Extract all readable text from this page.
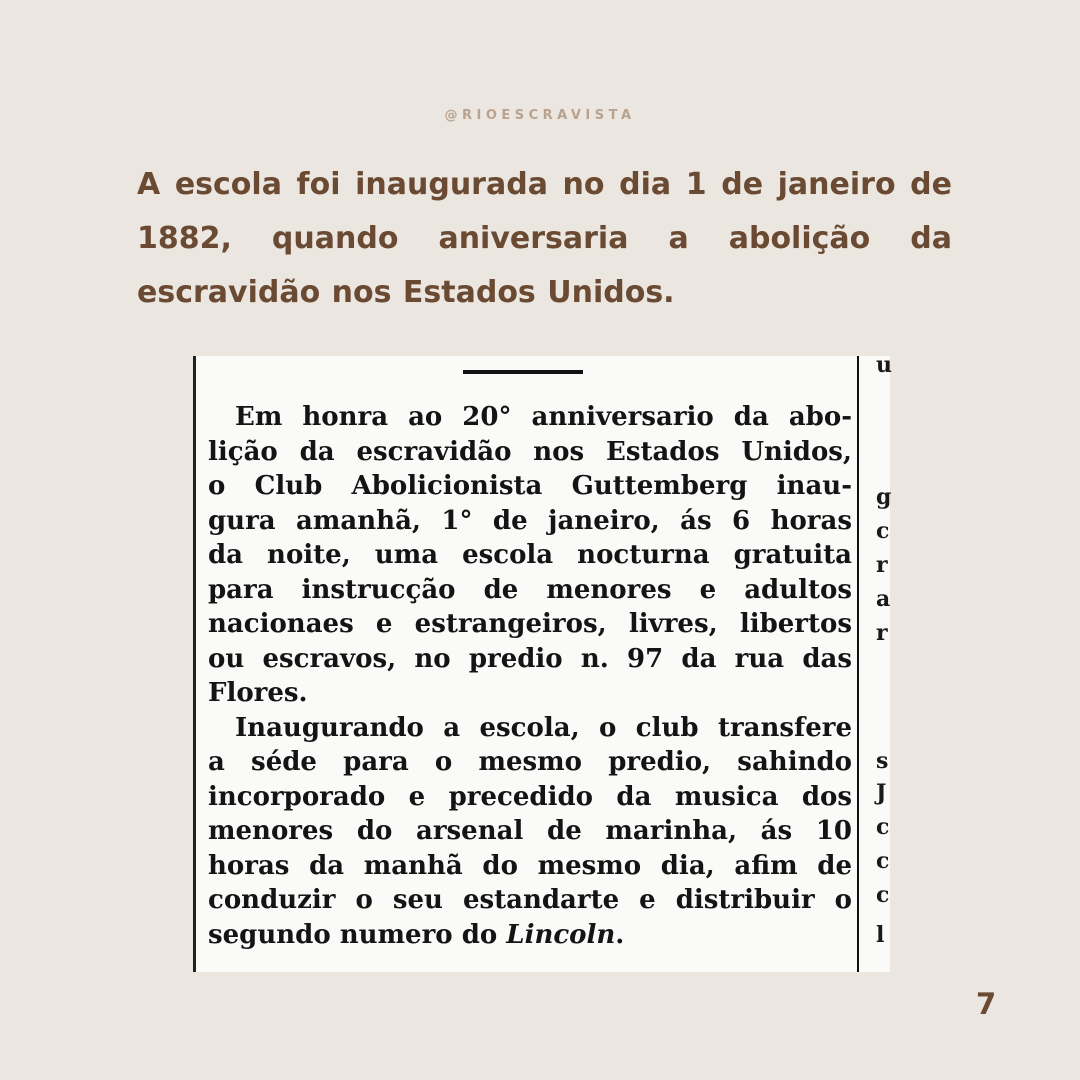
@RIOESCRAVISTA

A escola foi inaugurada no dia 1 de janeiro de 1882, quando aniversaria a abolição da escravidão nos Estados Unidos.

u
g
c
r
a
r
s
J
c
c
c
l
Em honra ao 20° anniversario da abo-
lição da escravidão nos Estados Unidos,
o Club Abolicionista Guttemberg inau-
gura amanhã, 1° de janeiro, ás 6 horas
da noite, uma escola nocturna gratuita
para instrucção de menores e adultos
nacionaes e estrangeiros, livres, libertos
ou escravos, no predio n. 97 da rua das
Flores.
Inaugurando a escola, o club transfere
a séde para o mesmo predio, sahindo
incorporado e precedido da musica dos
menores do arsenal de marinha, ás 10
horas da manhã do mesmo dia, afim de
conduzir o seu estandarte e distribuir o
segundo numero do Lincoln.
7
